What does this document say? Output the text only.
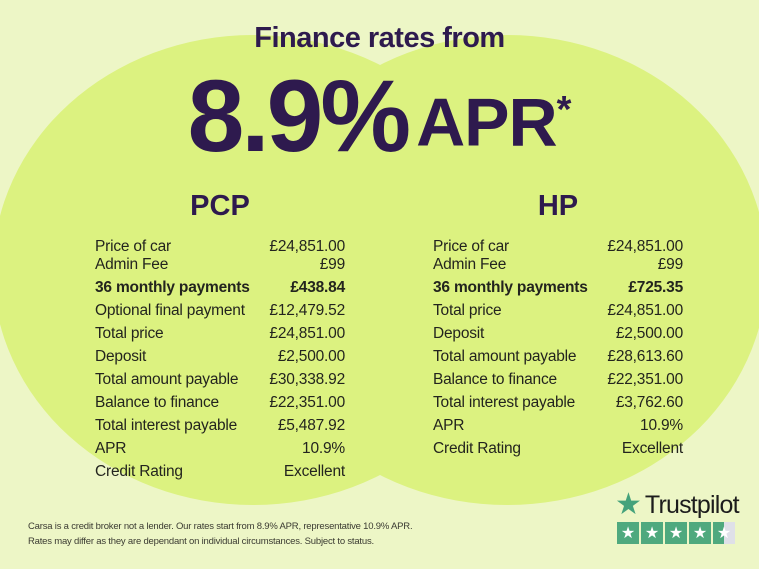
Finance rates from
8.9% APR*
PCP
Price of car	£24,851.00
Admin Fee	£99
36 monthly payments	£438.84
Optional final payment £12,479.52
Total price	£24,851.00
Deposit	£2,500.00
Total amount payable £30,338.92
Balance to finance	£22,351.00
Total interest payable	£5,487.92
APR	10.9%
Credit Rating	Excellent
HP
Price of car	£24,851.00
Admin Fee	£99
36 monthly payments	£725.35
Total price	£24,851.00
Deposit	£2,500.00
Total amount payable £28,613.60
Balance to finance	£22,351.00
Total interest payable	£3,762.60
APR	10.9%
Credit Rating	Excellent
Carsa is a credit broker not a lender. Our rates start from 8.9% APR, representative 10.9% APR.
Rates may differ as they are dependant on individual circumstances. Subject to status.
★ Trustpilot
★ ★ ★ ★ ★
